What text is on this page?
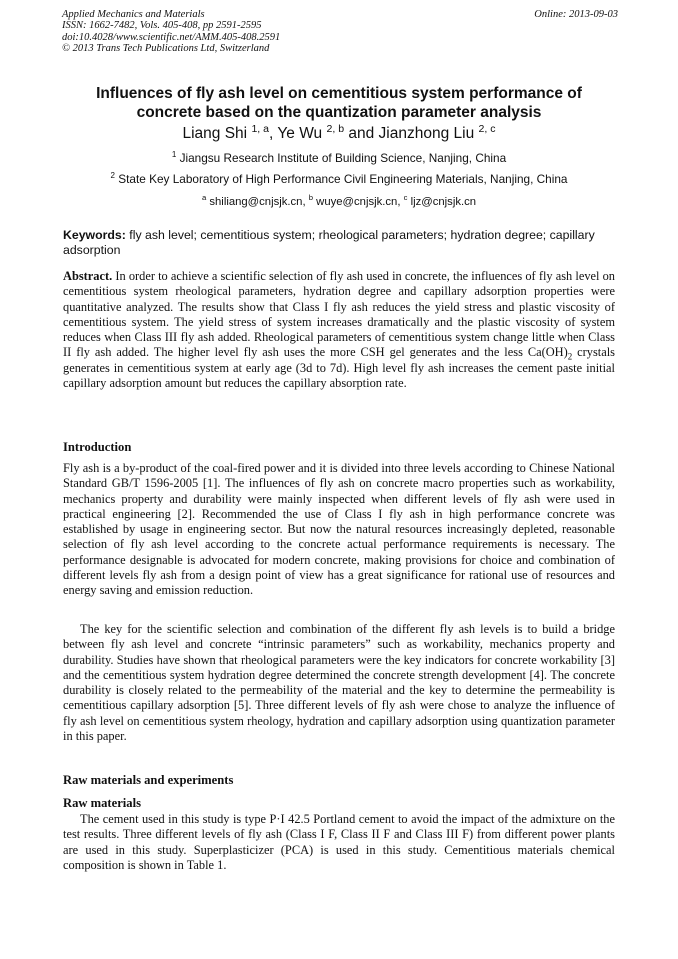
Applied Mechanics and Materials
ISSN: 1662-7482, Vols. 405-408, pp 2591-2595
doi:10.4028/www.scientific.net/AMM.405-408.2591
© 2013 Trans Tech Publications Ltd, Switzerland
Online: 2013-09-03
Influences of fly ash level on cementitious system performance of
concrete based on the quantization parameter analysis
Liang Shi $^{1, a}$, Ye Wu $^{2, b}$ and Jianzhong Liu $^{2, c}$
$^1$ Jiangsu Research Institute of Building Science, Nanjing, China
$^2$ State Key Laboratory of High Performance Civil Engineering Materials, Nanjing, China
$^a$ shiliang@cnjsjk.cn, $^b$ wuye@cnjsjk.cn, $^c$ ljz@cnjsjk.cn
Keywords: fly ash level; cementitious system; rheological parameters; hydration degree; capillary adsorption
Abstract. In order to achieve a scientific selection of fly ash used in concrete, the influences of fly ash level on cementitious system rheological parameters, hydration degree and capillary adsorption properties were quantitative analyzed. The results show that Class I fly ash reduces the yield stress and plastic viscosity of cementitious system. The yield stress of system increases dramatically and the plastic viscosity of system reduces when Class III fly ash added. Rheological parameters of cementitious system change little when Class II fly ash added. The higher level fly ash uses the more CSH gel generates and the less $Ca(OH)_2$ crystals generates in cementitious system at early age (3d to 7d). High level fly ash increases the cement paste initial capillary adsorption amount but reduces the capillary absorption rate.
Introduction
Fly ash is a by-product of the coal-fired power and it is divided into three levels according to Chinese National Standard GB/T 1596-2005 [1]. The influences of fly ash on concrete macro properties such as workability, mechanics property and durability were mainly inspected when different levels of fly ash were used in practical engineering [2]. Recommended the use of Class I fly ash in high performance concrete was established by usage in engineering sector. But now the natural resources increasingly depleted, reasonable selection of fly ash level according to the concrete actual performance requirements is necessary. The performance designable is advocated for modern concrete, making provisions for choice and combination of different levels fly ash from a design point of view has a great significance for rational use of resources and energy saving and emission reduction.
The key for the scientific selection and combination of the different fly ash levels is to build a bridge between fly ash level and concrete “intrinsic parameters” such as workability, mechanics property and durability. Studies have shown that rheological parameters were the key indicators for concrete workability [3] and the cementitious system hydration degree determined the concrete strength development [4]. The concrete durability is closely related to the permeability of the material and the key to determine the permeability is cementitious capillary adsorption [5]. Three different levels of fly ash were chose to analyze the influence of fly ash level on cementitious system rheology, hydration and capillary adsorption using quantization parameter in this paper.
Raw materials and experiments
Raw materials
The cement used in this study is type P·I 42.5 Portland cement to avoid the impact of the admixture on the test results. Three different levels of fly ash (Class I F, Class II F and Class III F) from different power plants are used in this study. Superplasticizer (PCA) is used in this study. Cementitious materials chemical composition is shown in Table 1.
